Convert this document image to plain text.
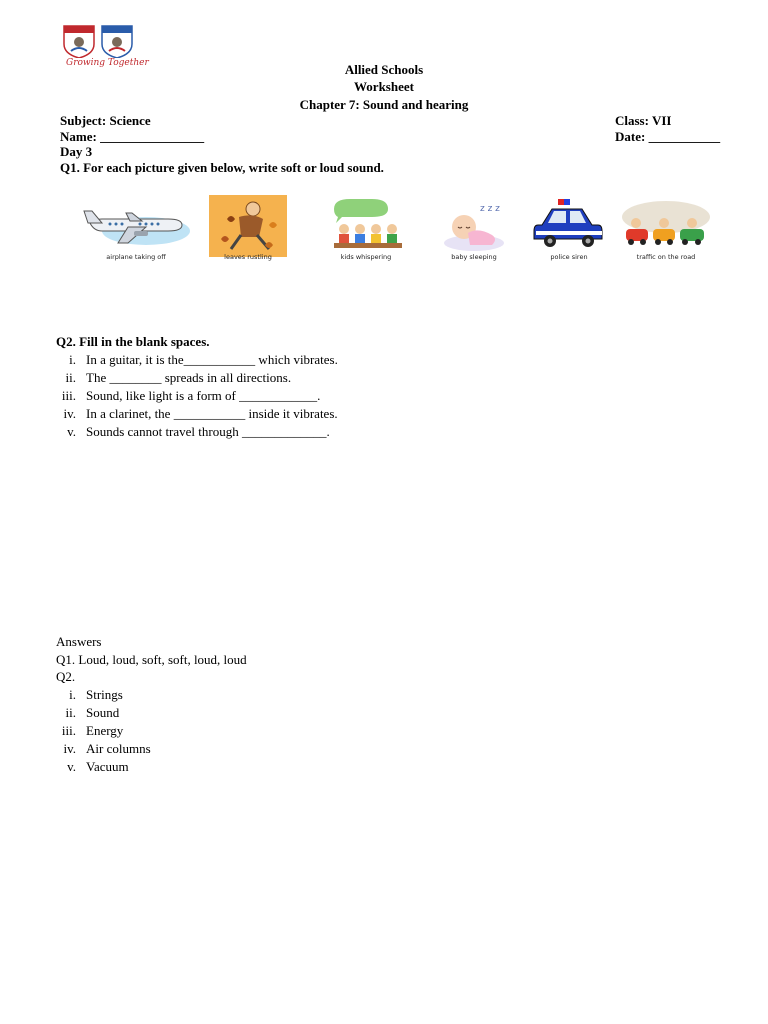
Growing Together	Allied Schools
Worksheet
Chapter 7: Sound and hearing
Subject: Science	Class: VII
Name: ________________	Date: ___________
Day 3
Q1. For each picture given below, write soft or loud sound.
airplane taking off	leaves rustling	kids whispering
z z z
baby sleeping	police siren	traffic on the road
Q2. Fill in the blank spaces.
i. In a guitar, it is the___________ which vibrates.
ii. The ________ spreads in all directions.
iii. Sound, like light is a form of ____________.
iv. In a clarinet, the ___________ inside it vibrates.
v. Sounds cannot travel through _____________.
Answers
Q1. Loud, loud, soft, soft, loud, loud
Q2.
i. Strings
ii. Sound
iii. Energy
iv. Air columns
v. Vacuum
